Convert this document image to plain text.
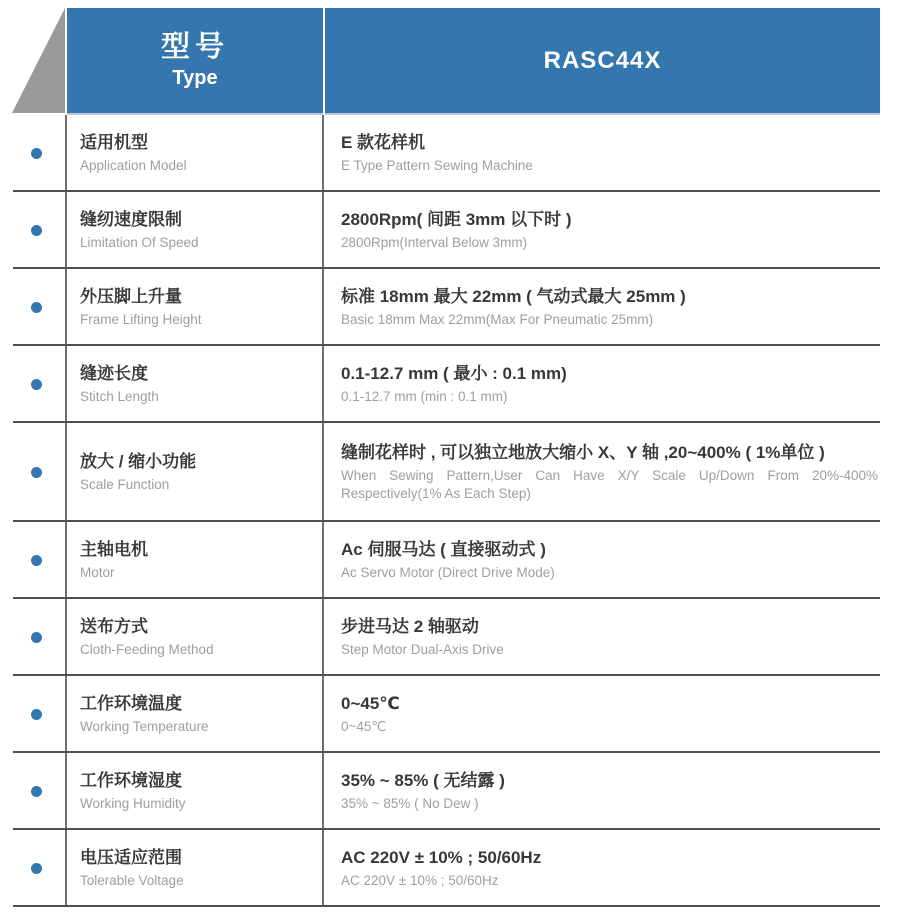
型号
Type
RASC44X
适用机型
Application Model
E 款花样机
E Type Pattern Sewing Machine
缝纫速度限制
Limitation Of Speed
2800Rpm( 间距 3mm 以下时 )
2800Rpm(Interval Below 3mm)
外压脚上升量
Frame Lifting Height
标准 18mm 最大 22mm ( 气动式最大 25mm )
Basic 18mm Max 22mm(Max For Pneumatic 25mm)
缝迹长度
Stitch Length
0.1-12.7 mm ( 最小 : 0.1 mm)
0.1-12.7 mm (min : 0.1 mm)
放大 / 缩小功能
Scale Function
缝制花样时 , 可以独立地放大缩小 X、Y 轴 ,20~400% ( 1%单位 )
When Sewing Pattern,User Can Have X/Y Scale Up/Down From 20%-400% Respectively(1% As Each Step)
主轴电机
Motor
Ac 伺服马达 ( 直接驱动式 )
Ac Servo Motor (Direct Drive Mode)
送布方式
Cloth-Feeding Method
步进马达 2 轴驱动
Step Motor Dual-Axis Drive
工作环境温度
Working Temperature
0~45℃
0~45℃
工作环境湿度
Working Humidity
35% ~ 85% ( 无结露 )
35% ~ 85% ( No Dew )
电压适应范围
Tolerable Voltage
AC 220V ± 10% ; 50/60Hz
AC 220V ± 10% ; 50/60Hz
